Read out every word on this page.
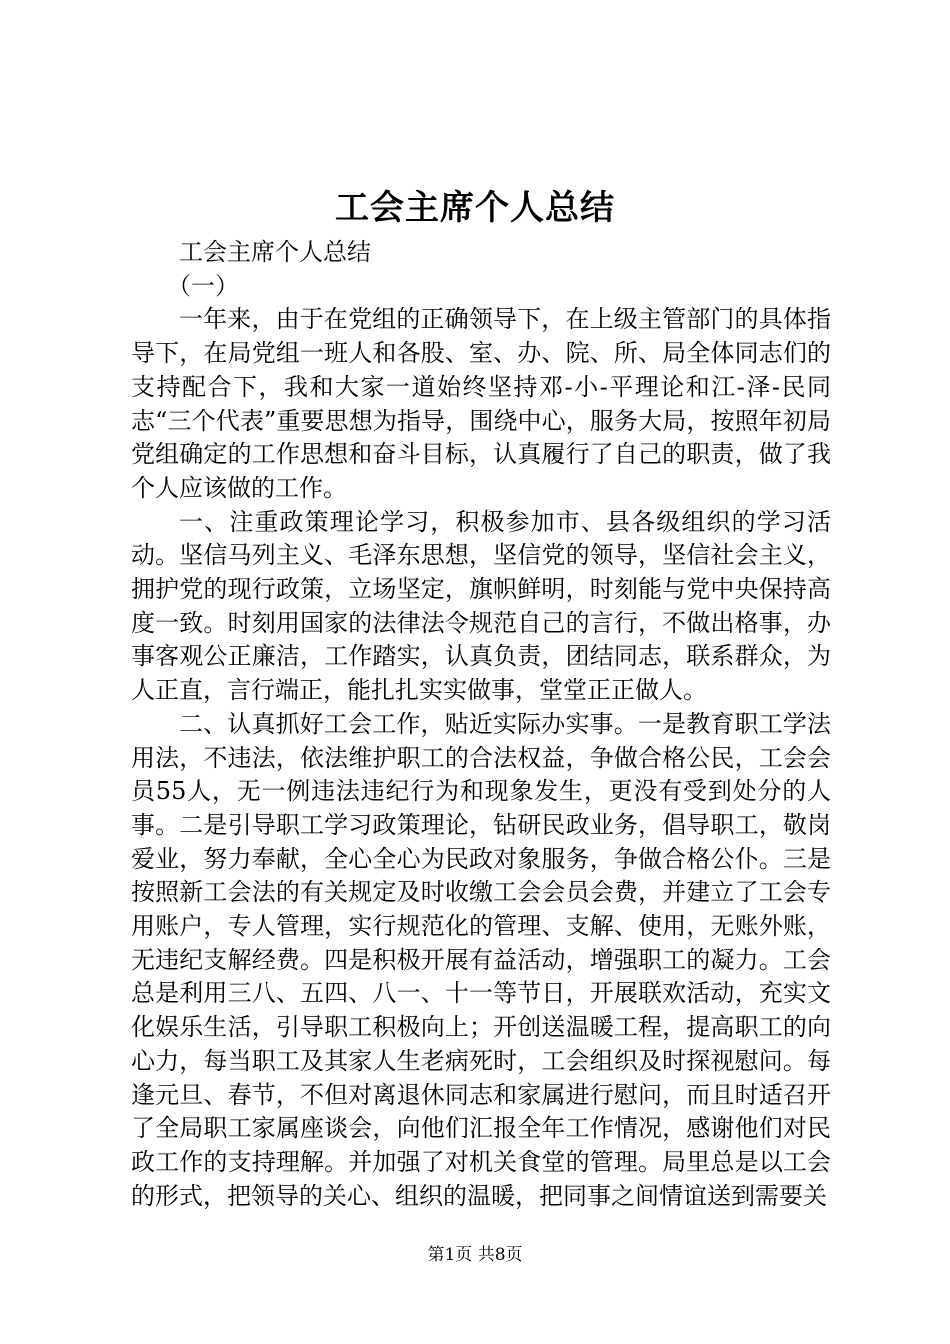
工会主席个人总结

工会主席个人总结

（一）

一年来，由于在党组的正确领导下，在上级主管部门的具体指导下，在局党组一班人和各股、室、办、院、所、局全体同志们的支持配合下，我和大家一道始终坚持邓-小-平理论和江-泽-民同志“三个代表”重要思想为指导，围绕中心，服务大局，按照年初局党组确定的工作思想和奋斗目标，认真履行了自己的职责，做了我个人应该做的工作。

一、注重政策理论学习，积极参加市、县各级组织的学习活动。坚信马列主义、毛泽东思想，坚信党的领导，坚信社会主义，拥护党的现行政策，立场坚定，旗帜鲜明，时刻能与党中央保持高度一致。时刻用国家的法律法令规范自己的言行，不做出格事，办事客观公正廉洁，工作踏实，认真负责，团结同志，联系群众，为人正直，言行端正，能扎扎实实做事，堂堂正正做人。

二、认真抓好工会工作，贴近实际办实事。一是教育职工学法用法，不违法，依法维护职工的合法权益，争做合格公民，工会会员55人，无一例违法违纪行为和现象发生，更没有受到处分的人事。二是引导职工学习政策理论，钻研民政业务，倡导职工，敬岗爱业，努力奉献，全心全心为民政对象服务，争做合格公仆。三是按照新工会法的有关规定及时收缴工会会员会费，并建立了工会专用账户，专人管理，实行规范化的管理、支解、使用，无账外账，无违纪支解经费。四是积极开展有益活动，增强职工的凝力。工会总是利用三八、五四、八一、十一等节日，开展联欢活动，充实文化娱乐生活，引导职工积极向上；开创送温暖工程，提高职工的向心力，每当职工及其家人生老病死时，工会组织及时探视慰问。每逢元旦、春节，不但对离退休同志和家属进行慰问，而且时适召开了全局职工家属座谈会，向他们汇报全年工作情况，感谢他们对民政工作的支持理解。并加强了对机关食堂的管理。局里总是以工会的形式，把领导的关心、组织的温暖，把同事之间情谊送到需要关

第1页 共8页
